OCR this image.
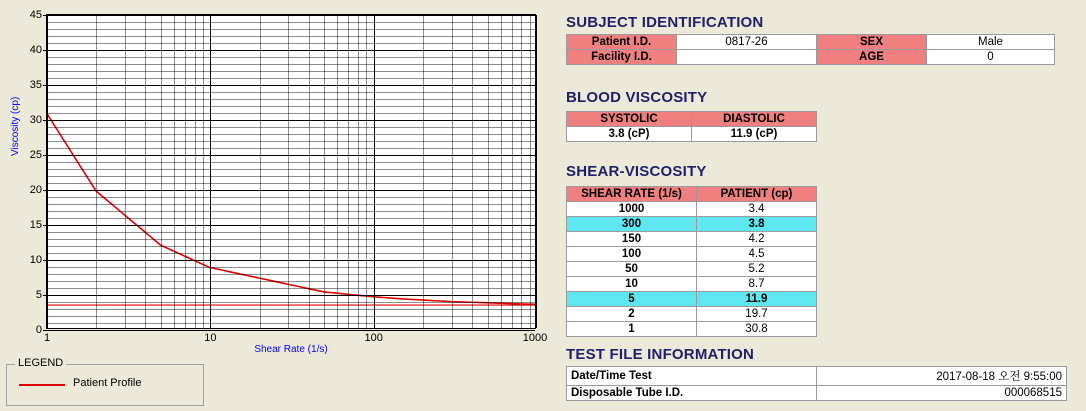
Viscosity (cp)
0
5
10
15
20
25
30
35
40
45
1	10	100	1000
Shear Rate (1/s)
LEGEND
Patient Profile
SUBJECT IDENTIFICATION
Patient I.D.	0817-26	SEX	Male
Facility I.D.		AGE	0
BLOOD VISCOSITY
SYSTOLIC	DIASTOLIC
3.8 (cP)	11.9 (cP)
SHEAR-VISCOSITY
SHEAR RATE (1/s)	PATIENT (cp)
1000	3.4
300	3.8
150	4.2
100	4.5
50	5.2
10	8.7
5	11.9
2	19.7
1	30.8
TEST FILE INFORMATION
Date/Time Test	2017-08-18 오전 9:55:00
Disposable Tube I.D.	000068515
